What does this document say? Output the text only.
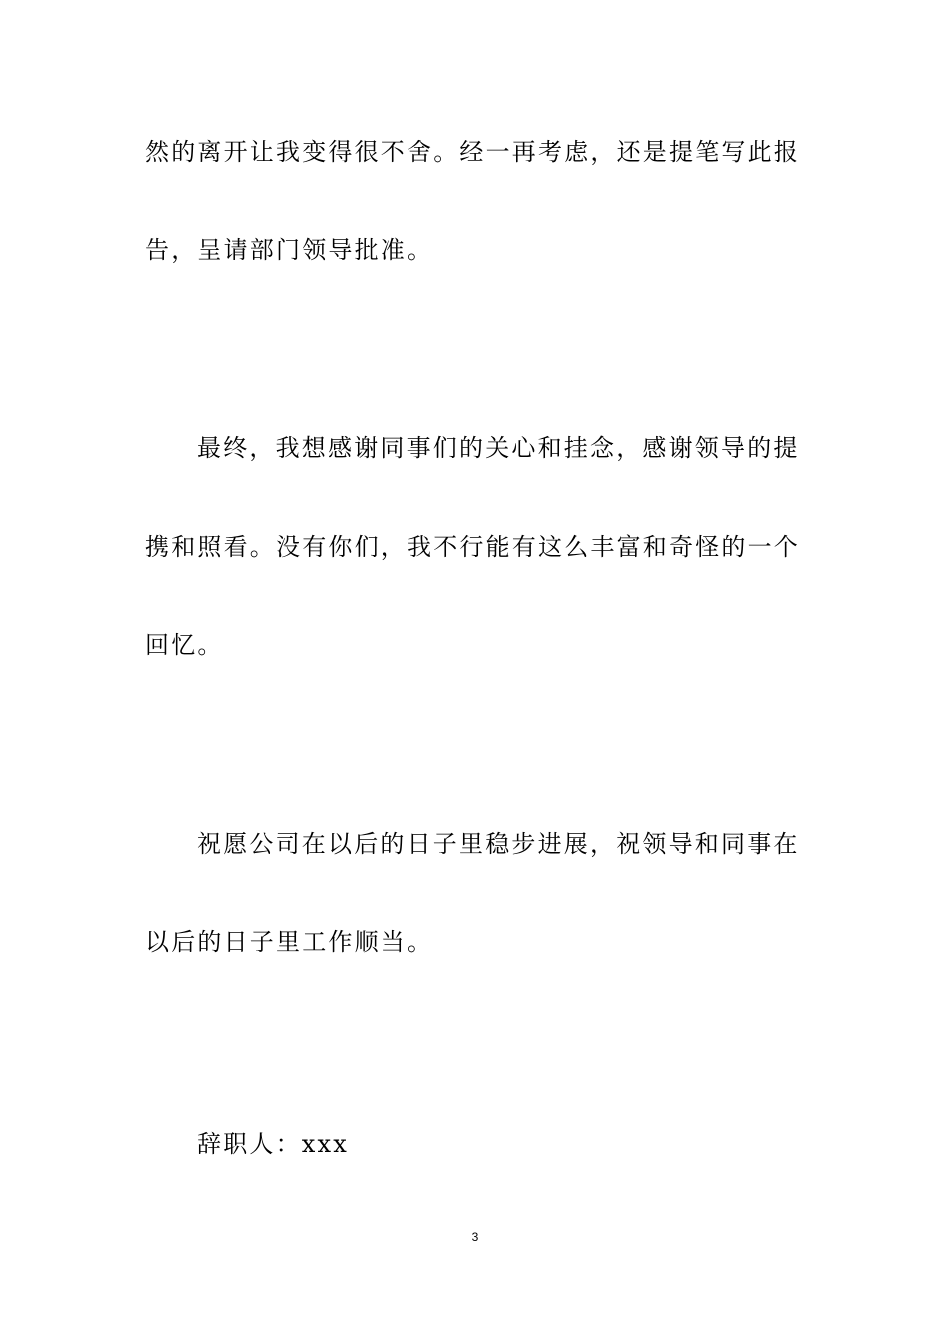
然的离开让我变得很不舍。经一再考虑，还是提笔写此报
告，呈请部门领导批准。
最终，我想感谢同事们的关心和挂念，感谢领导的提
携和照看。没有你们，我不行能有这么丰富和奇怪的一个
回忆。
祝愿公司在以后的日子里稳步进展，祝领导和同事在
以后的日子里工作顺当。
辞职人：xxx
3
